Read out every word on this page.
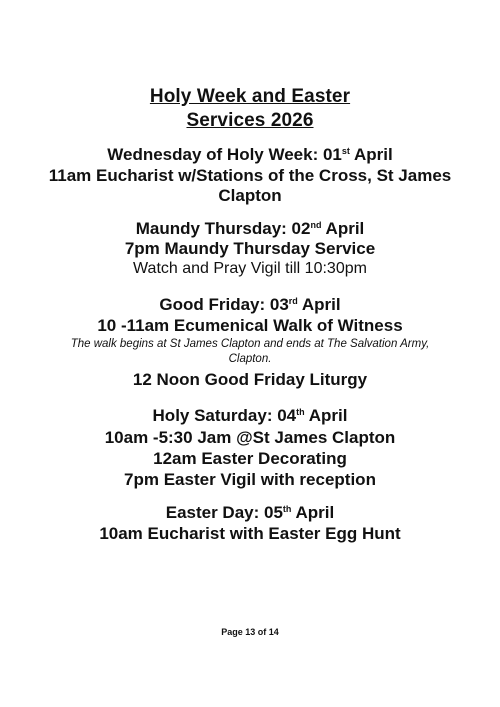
Holy Week and Easter
Services 2026
Wednesday of Holy Week: 01st April
11am Eucharist w/Stations of the Cross, St James
Clapton
Maundy Thursday: 02nd April
7pm Maundy Thursday Service
Watch and Pray Vigil till 10:30pm
Good Friday: 03rd April
10 -11am Ecumenical Walk of Witness
The walk begins at St James Clapton and ends at The Salvation Army,
Clapton.
12 Noon Good Friday Liturgy
Holy Saturday: 04th April
10am -5:30 Jam @St James Clapton
12am Easter Decorating
7pm Easter Vigil with reception
Easter Day: 05th April
10am Eucharist with Easter Egg Hunt
Page 13 of 14
